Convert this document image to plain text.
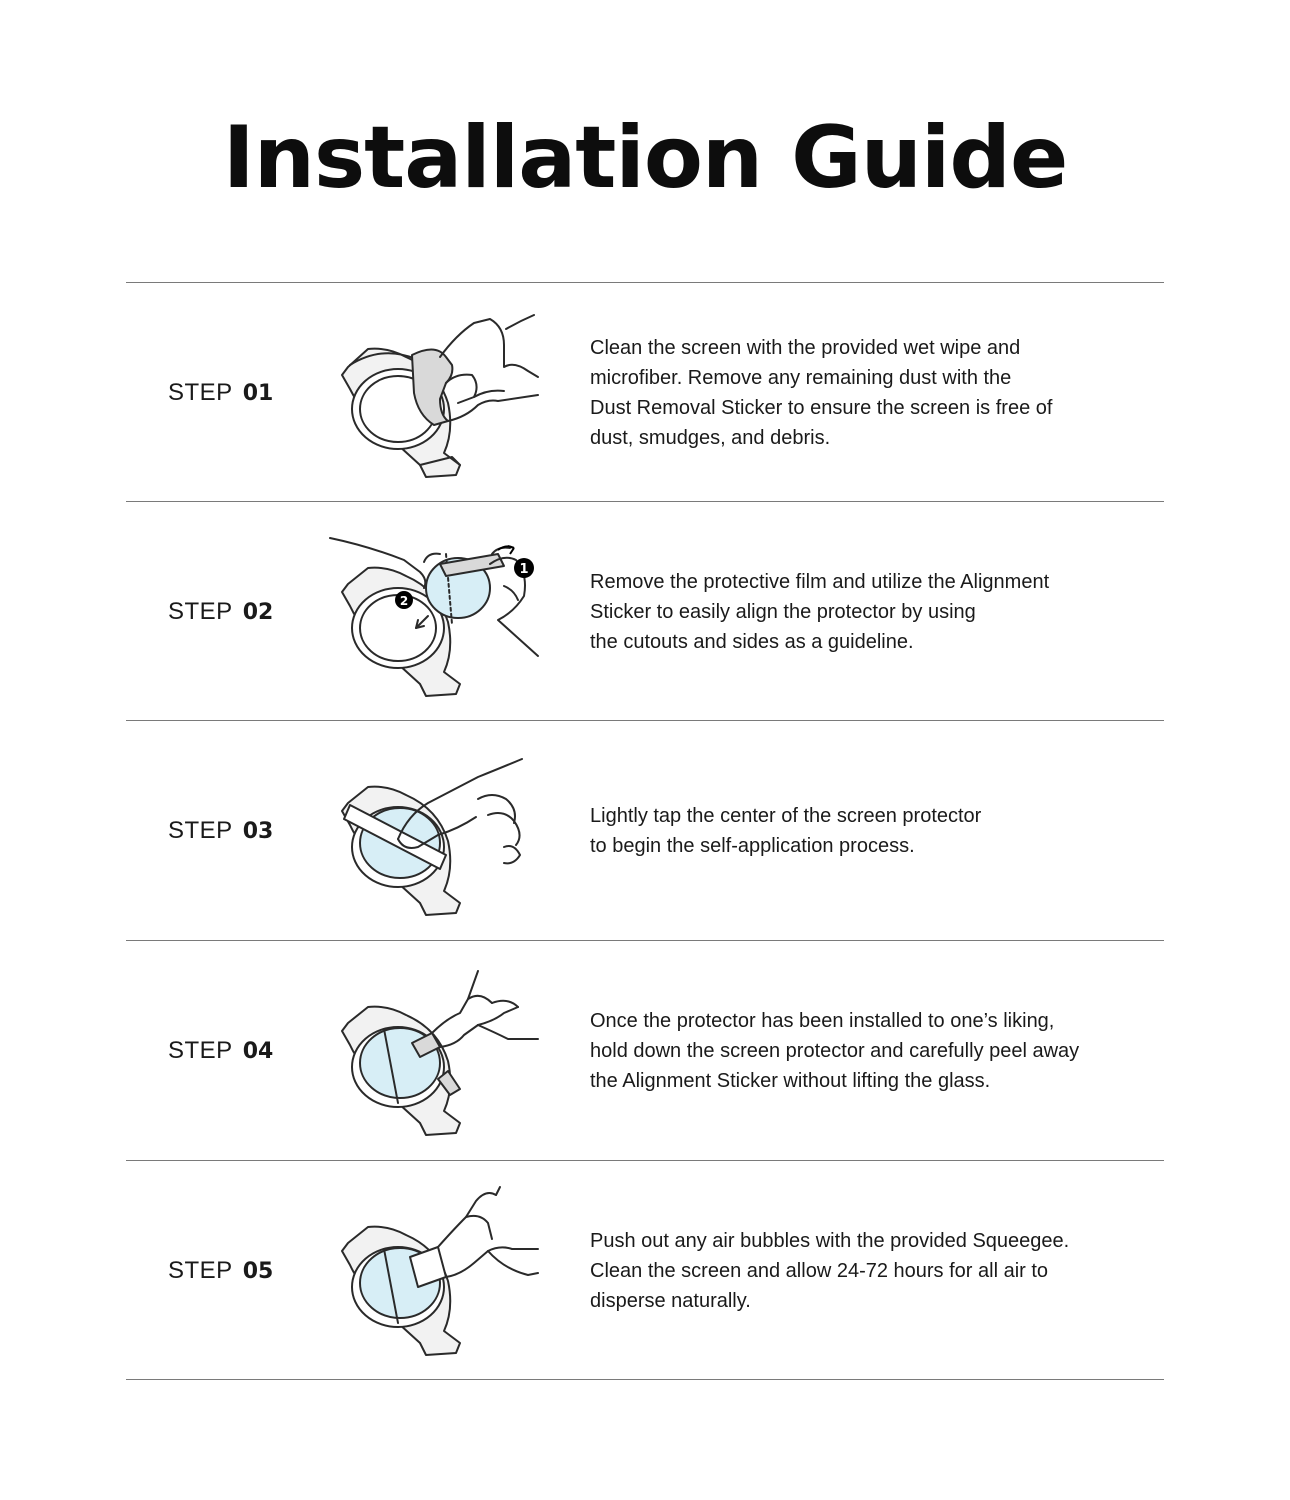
Installation Guide
STEP 01
Clean the screen with the provided wet wipe and
microfiber. Remove any remaining dust with the
Dust Removal Sticker to ensure the screen is free of
dust, smudges, and debris.
STEP 02
1
2
Remove the protective film and utilize the Alignment
Sticker to easily align the protector by using
the cutouts and sides as a guideline.
STEP 03
Lightly tap the center of the screen protector
to begin the self-application process.
STEP 04
Once the protector has been installed to one’s liking,
hold down the screen protector and carefully peel away
the Alignment Sticker without lifting the glass.
STEP 05
Push out any air bubbles with the provided Squeegee.
Clean the screen and allow 24-72 hours for all air to
disperse naturally.
